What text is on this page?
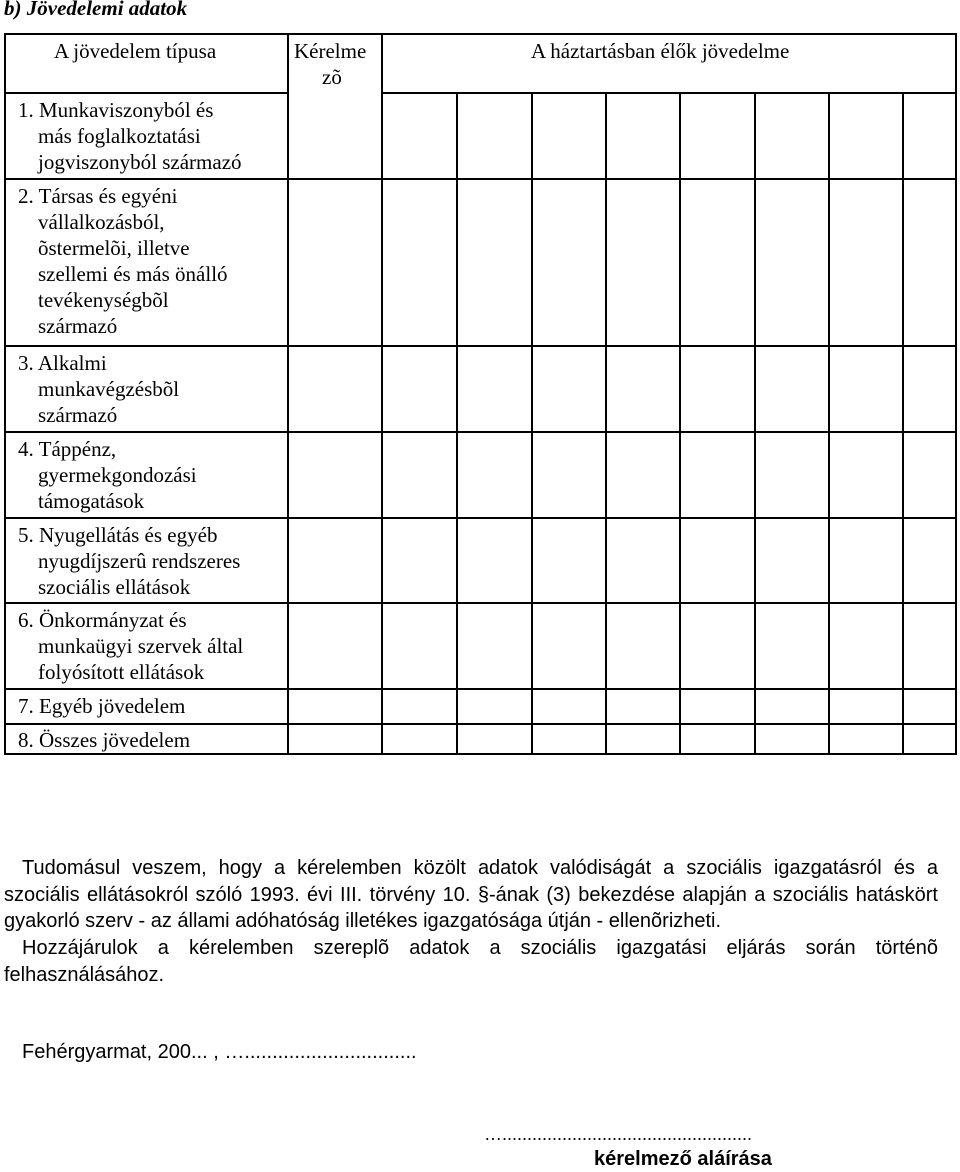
b) Jövedelemi adatok
A jövedelem típusa	Kérelme
zõ
A háztartásban élők jövedelme
1. Munkaviszonyból és
más foglalkoztatási
jogviszonyból származó
2. Társas és egyéni
vállalkozásból,
õstermelõi, illetve
szellemi és más önálló
tevékenységbõl
származó
3. Alkalmi
munkavégzésbõl
származó
4. Táppénz,
gyermekgondozási
támogatások
5. Nyugellátás és egyéb
nyugdíjszerû rendszeres
szociális ellátások
6. Önkormányzat és
munkaügyi szervek által
folyósított ellátások
7. Egyéb jövedelem
8. Összes jövedelem
Tudomásul veszem, hogy a kérelemben közölt adatok valódiságát a szociális igazgatásról és a szociális ellátásokról szóló 1993. évi III. törvény 10. §-ának (3) bekezdése alapján a szociális hatáskört gyakorló szerv - az állami adóhatóság illetékes igazgatósága útján - ellenõrizheti.
Hozzájárulok a kérelemben szereplõ adatok a szociális igazgatási eljárás során történõ felhasználásához.
Fehérgyarmat, 200... , …...............................
…..................................................
kérelmező aláírása
